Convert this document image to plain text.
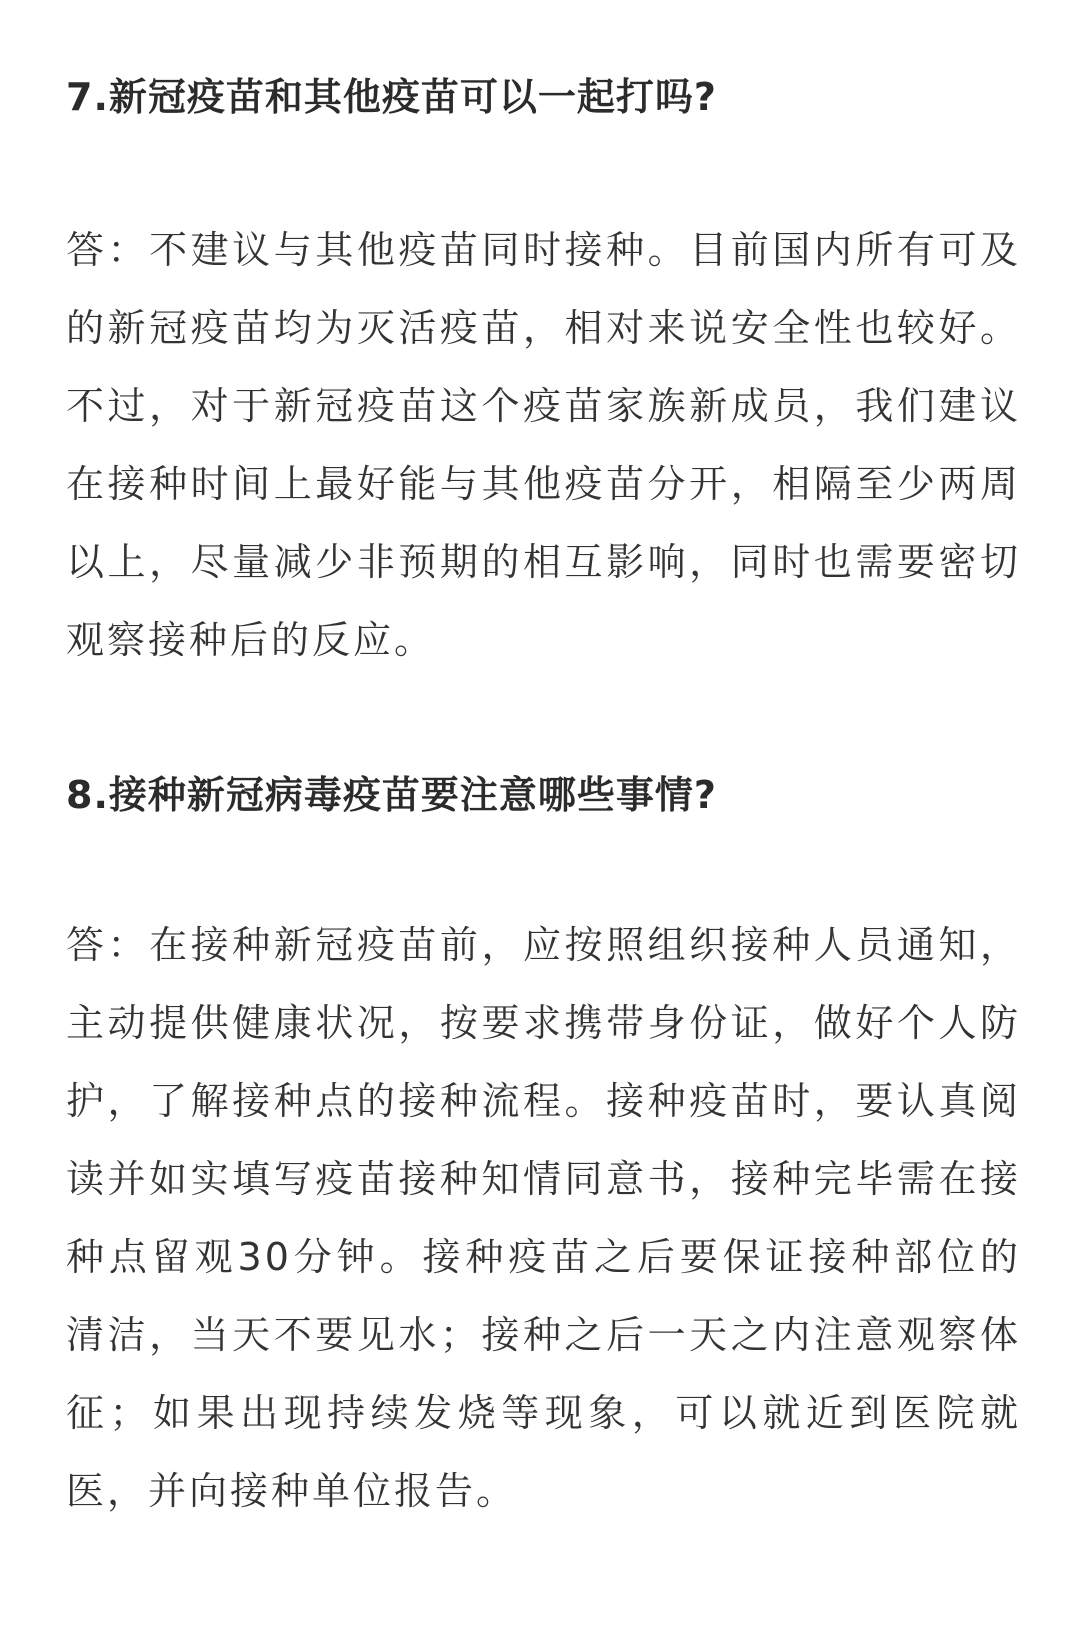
7.新冠疫苗和其他疫苗可以一起打吗?

答：不建议与其他疫苗同时接种。目前国内所有可及的新冠疫苗均为灭活疫苗，相对来说安全性也较好。不过，对于新冠疫苗这个疫苗家族新成员，我们建议在接种时间上最好能与其他疫苗分开，相隔至少两周以上，尽量减少非预期的相互影响，同时也需要密切观察接种后的反应。

8.接种新冠病毒疫苗要注意哪些事情?

答：在接种新冠疫苗前，应按照组织接种人员通知，主动提供健康状况，按要求携带身份证，做好个人防护，了解接种点的接种流程。接种疫苗时，要认真阅读并如实填写疫苗接种知情同意书，接种完毕需在接种点留观30分钟。接种疫苗之后要保证接种部位的清洁，当天不要见水；接种之后一天之内注意观察体征；如果出现持续发烧等现象，可以就近到医院就医，并向接种单位报告。
